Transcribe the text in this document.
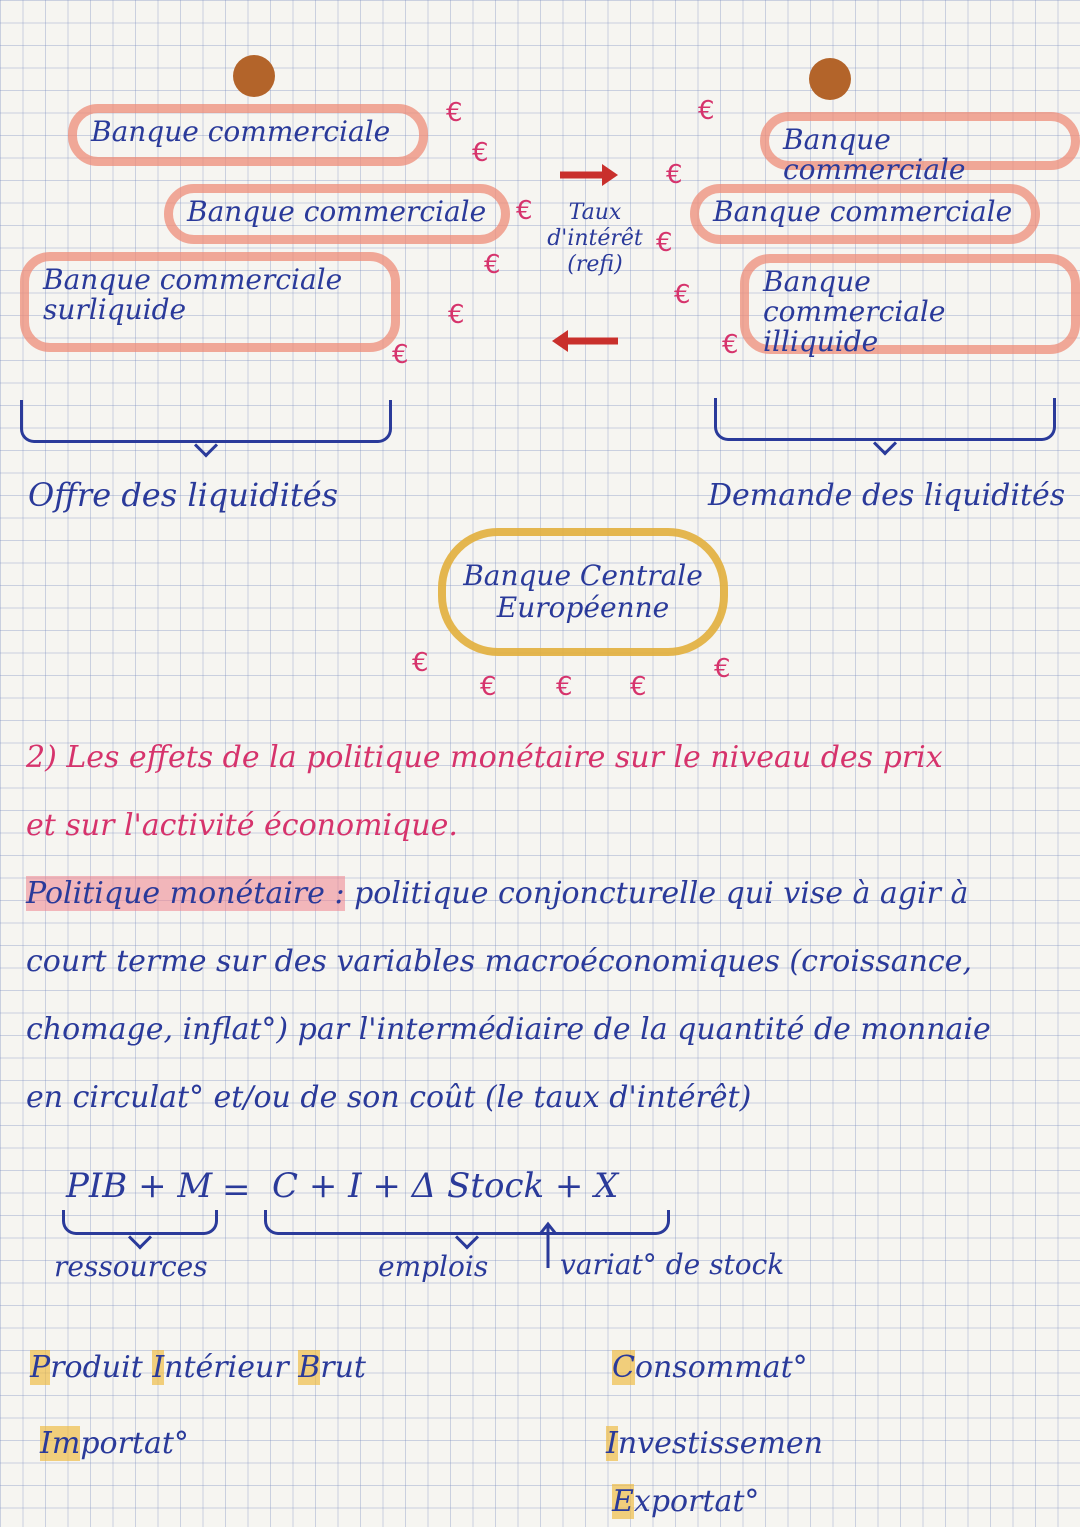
Banque commerciale
Banque commerciale
Banque commerciale
surliquide
Banque commerciale
Banque commerciale
Banque commerciale
illiquide
€
€
€
€
€
€
€
€
€
€
€
Taux
d'intérêt
(refi)
Offre des liquidités	Demande des liquidités
Banque Centrale
Européenne
€
€ € €
€
2) Les effets de la politique monétaire sur le niveau des prix
et sur l'activité économique.
Politique monétaire : politique conjoncturelle qui vise à agir à
court terme sur des variables macroéconomiques (croissance,
chomage, inflat°) par l'intermédiaire de la quantité de monnaie
en circulat° et/ou de son coût (le taux d'intérêt)
PIB + M = C + I + Δ Stock + X
ressources	emplois	variat° de stock
Produit Intérieur Brut
Importat°
Consommat°
Investissemen
Exportat°
